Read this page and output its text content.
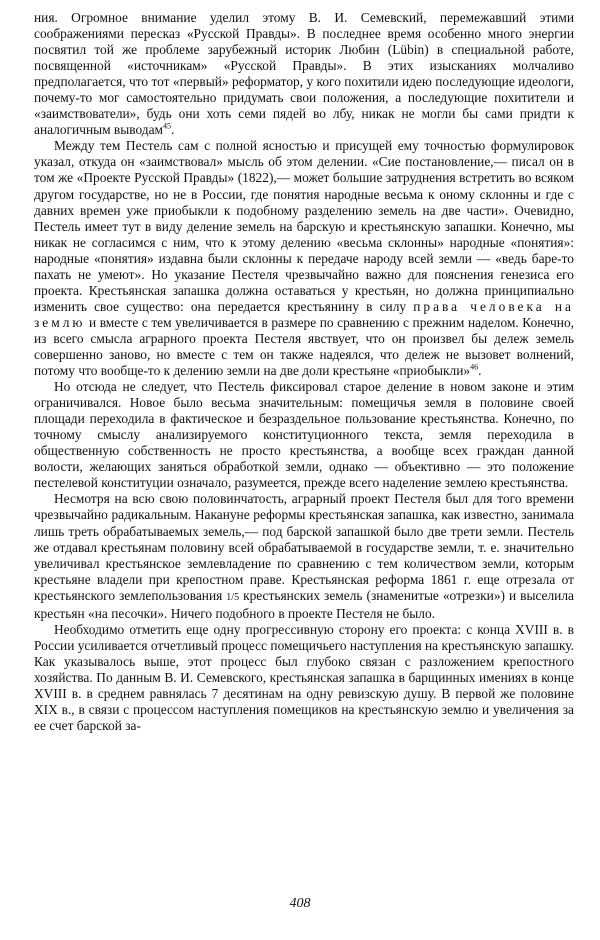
ния. Огромное внимание уделил этому В. И. Семевский, перемежавший этими соображениями пересказ «Русской Правды». В последнее время особенно много энергии посвятил той же проблеме зарубежный историк Любин (Lübin) в специальной работе, посвященной «источникам» «Русской Правды». В этих изысканиях молчаливо предполагается, что тот «первый» реформатор, у кого похитили идею последующие идеологи, почему-то мог самостоятельно придумать свои положения, а последующие похитители и «заимствователи», будь они хоть семи пядей во лбу, никак не могли бы сами придти к аналогичным выводам$^{45}$.

Между тем Пестель сам с полной ясностью и присущей ему точностью формулировок указал, откуда он «заимствовал» мысль об этом делении. «Сие постановление,— писал он в том же «Проекте Русской Правды» (1822),— может большие затруднения встретить во всяком другом государстве, но не в России, где понятия народные весьма к оному склонны и где с давних времен уже приобыкли к подобному разделению земель на две части». Очевидно, Пестель имеет тут в виду деление земель на барскую и крестьянскую запашки. Конечно, мы никак не согласимся с ним, что к этому делению «весьма склонны» народные «понятия»: народные «понятия» издавна были склонны к передаче народу всей земли — «ведь баре-то пахать не умеют». Но указание Пестеля чрезвычайно важно для пояснения генезиса его проекта. Крестьянская запашка должна оставаться у крестьян, но должна принципиально изменить свое существо: она передается крестьянину в силу права человека на землю и вместе с тем увеличивается в размере по сравнению с прежним наделом. Конечно, из всего смысла аграрного проекта Пестеля явствует, что он произвел бы дележ земель совершенно заново, но вместе с тем он также надеялся, что дележ не вызовет волнений, потому что вообще-то к делению земли на две доли крестьяне «приобыкли»$^{46}$.

Но отсюда не следует, что Пестель фиксировал старое деление в новом законе и этим ограничивался. Новое было весьма значительным: помещичья земля в половине своей площади переходила в фактическое и безраздельное пользование крестьянства. Конечно, по точному смыслу анализируемого конституционного текста, земля переходила в общественную собственность не просто крестьянства, а вообще всех граждан данной волости, желающих заняться обработкой земли, однако — объективно — это положение пестелевой конституции означало, разумеется, прежде всего наделение землею крестьянства.

Несмотря на всю свою половинчатость, аграрный проект Пестеля был для того времени чрезвычайно радикальным. Накануне реформы крестьянская запашка, как известно, занимала лишь треть обрабатываемых земель,— под барской запашкой было две трети земли. Пестель же отдавал крестьянам половину всей обрабатываемой в государстве земли, т. е. значительно увеличивал крестьянское землевладение по сравнению с тем количеством земли, которым крестьяне владели при крепостном праве. Крестьянская реформа 1861 г. еще отрезала от крестьянского землепользования 1/5 крестьянских земель (знаменитые «отрезки») и выселила крестьян «на песочки». Ничего подобного в проекте Пестеля не было.

Необходимо отметить еще одну прогрессивную сторону его проекта: с конца XVIII в. в России усиливается отчетливый процесс помещичьего наступления на крестьянскую запашку. Как указывалось выше, этот процесс был глубоко связан с разложением крепостного хозяйства. По данным В. И. Семевского, крестьянская запашка в барщинных имениях в конце XVIII в. в среднем равнялась 7 десятинам на одну ревизскую душу. В первой же половине XIX в., в связи с процессом наступления помещиков на крестьянскую землю и увеличения за ее счет барской за-

408
